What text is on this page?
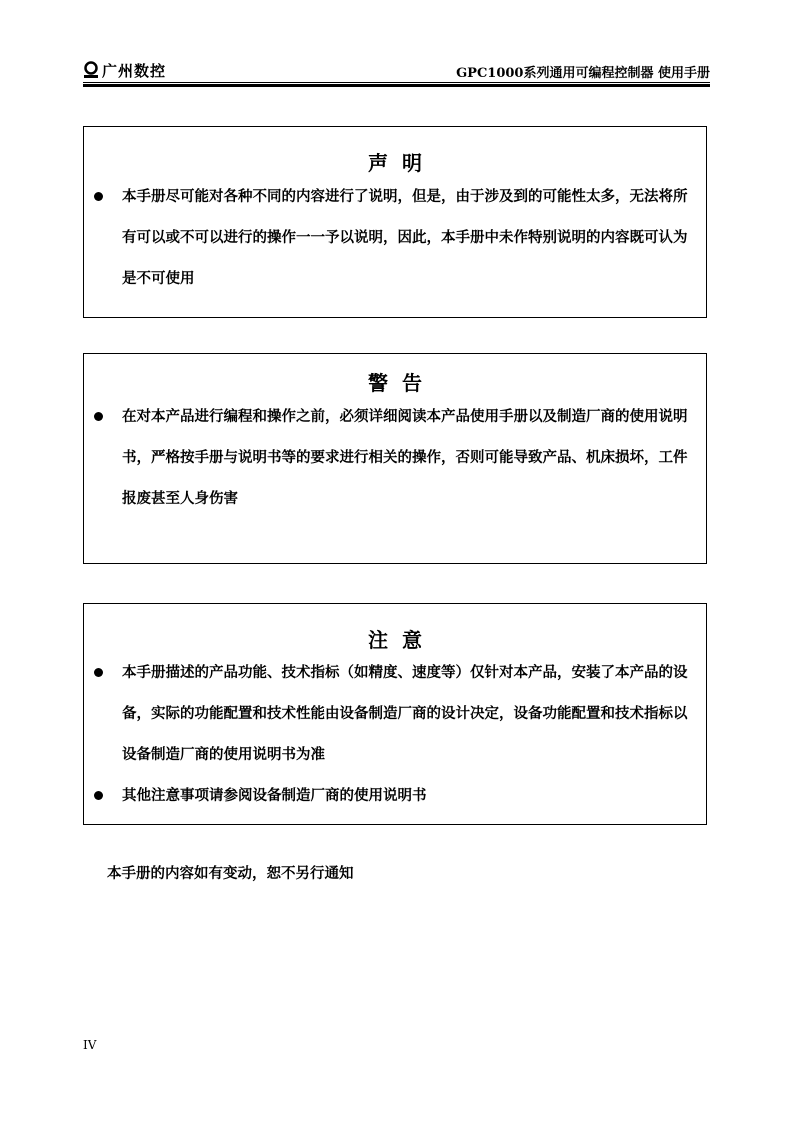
广州数控	GPC1000系列通用可编程控制器 使用手册
声明
本手册尽可能对各种不同的内容进行了说明，但是，由于涉及到的可能性太多，无法将所有可以或不可以进行的操作一一予以说明，因此，本手册中未作特别说明的内容既可认为是不可使用
警告
在对本产品进行编程和操作之前，必须详细阅读本产品使用手册以及制造厂商的使用说明书，严格按手册与说明书等的要求进行相关的操作，否则可能导致产品、机床损坏，工件报废甚至人身伤害
注意
本手册描述的产品功能、技术指标（如精度、速度等）仅针对本产品，安装了本产品的设备，实际的功能配置和技术性能由设备制造厂商的设计决定，设备功能配置和技术指标以设备制造厂商的使用说明书为准
其他注意事项请参阅设备制造厂商的使用说明书
本手册的内容如有变动，恕不另行通知
IV
